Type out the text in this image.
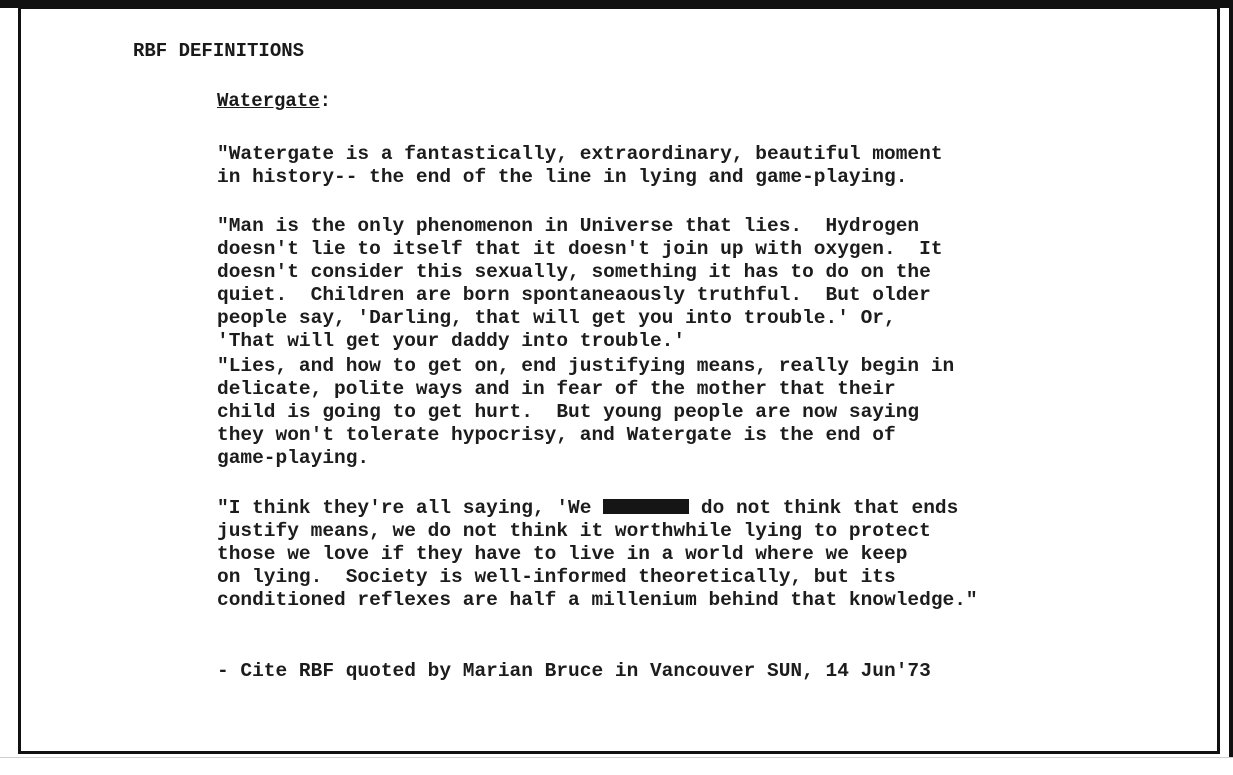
RBF DEFINITIONS
Watergate:

"Watergate is a fantastically, extraordinary, beautiful moment
in history-- the end of the line in lying and game-playing.

"Man is the only phenomenon in Universe that lies.  Hydrogen
doesn't lie to itself that it doesn't join up with oxygen.  It
doesn't consider this sexually, something it has to do on the
quiet.  Children are born spontaneaously truthful.  But older
people say, 'Darling, that will get you into trouble.' Or,
'That will get your daddy into trouble.'

"Lies, and how to get on, end justifying means, really begin in
delicate, polite ways and in fear of the mother that their
child is going to get hurt.  But young people are now saying
they won't tolerate hypocrisy, and Watergate is the end of
game-playing.

"I think they're all saying, 'We	do not think that ends
justify means, we do not think it worthwhile lying to protect
those we love if they have to live in a world where we keep
on lying.  Society is well-informed theoretically, but its
conditioned reflexes are half a millenium behind that knowledge."

- Cite RBF quoted by Marian Bruce in Vancouver SUN, 14 Jun'73
